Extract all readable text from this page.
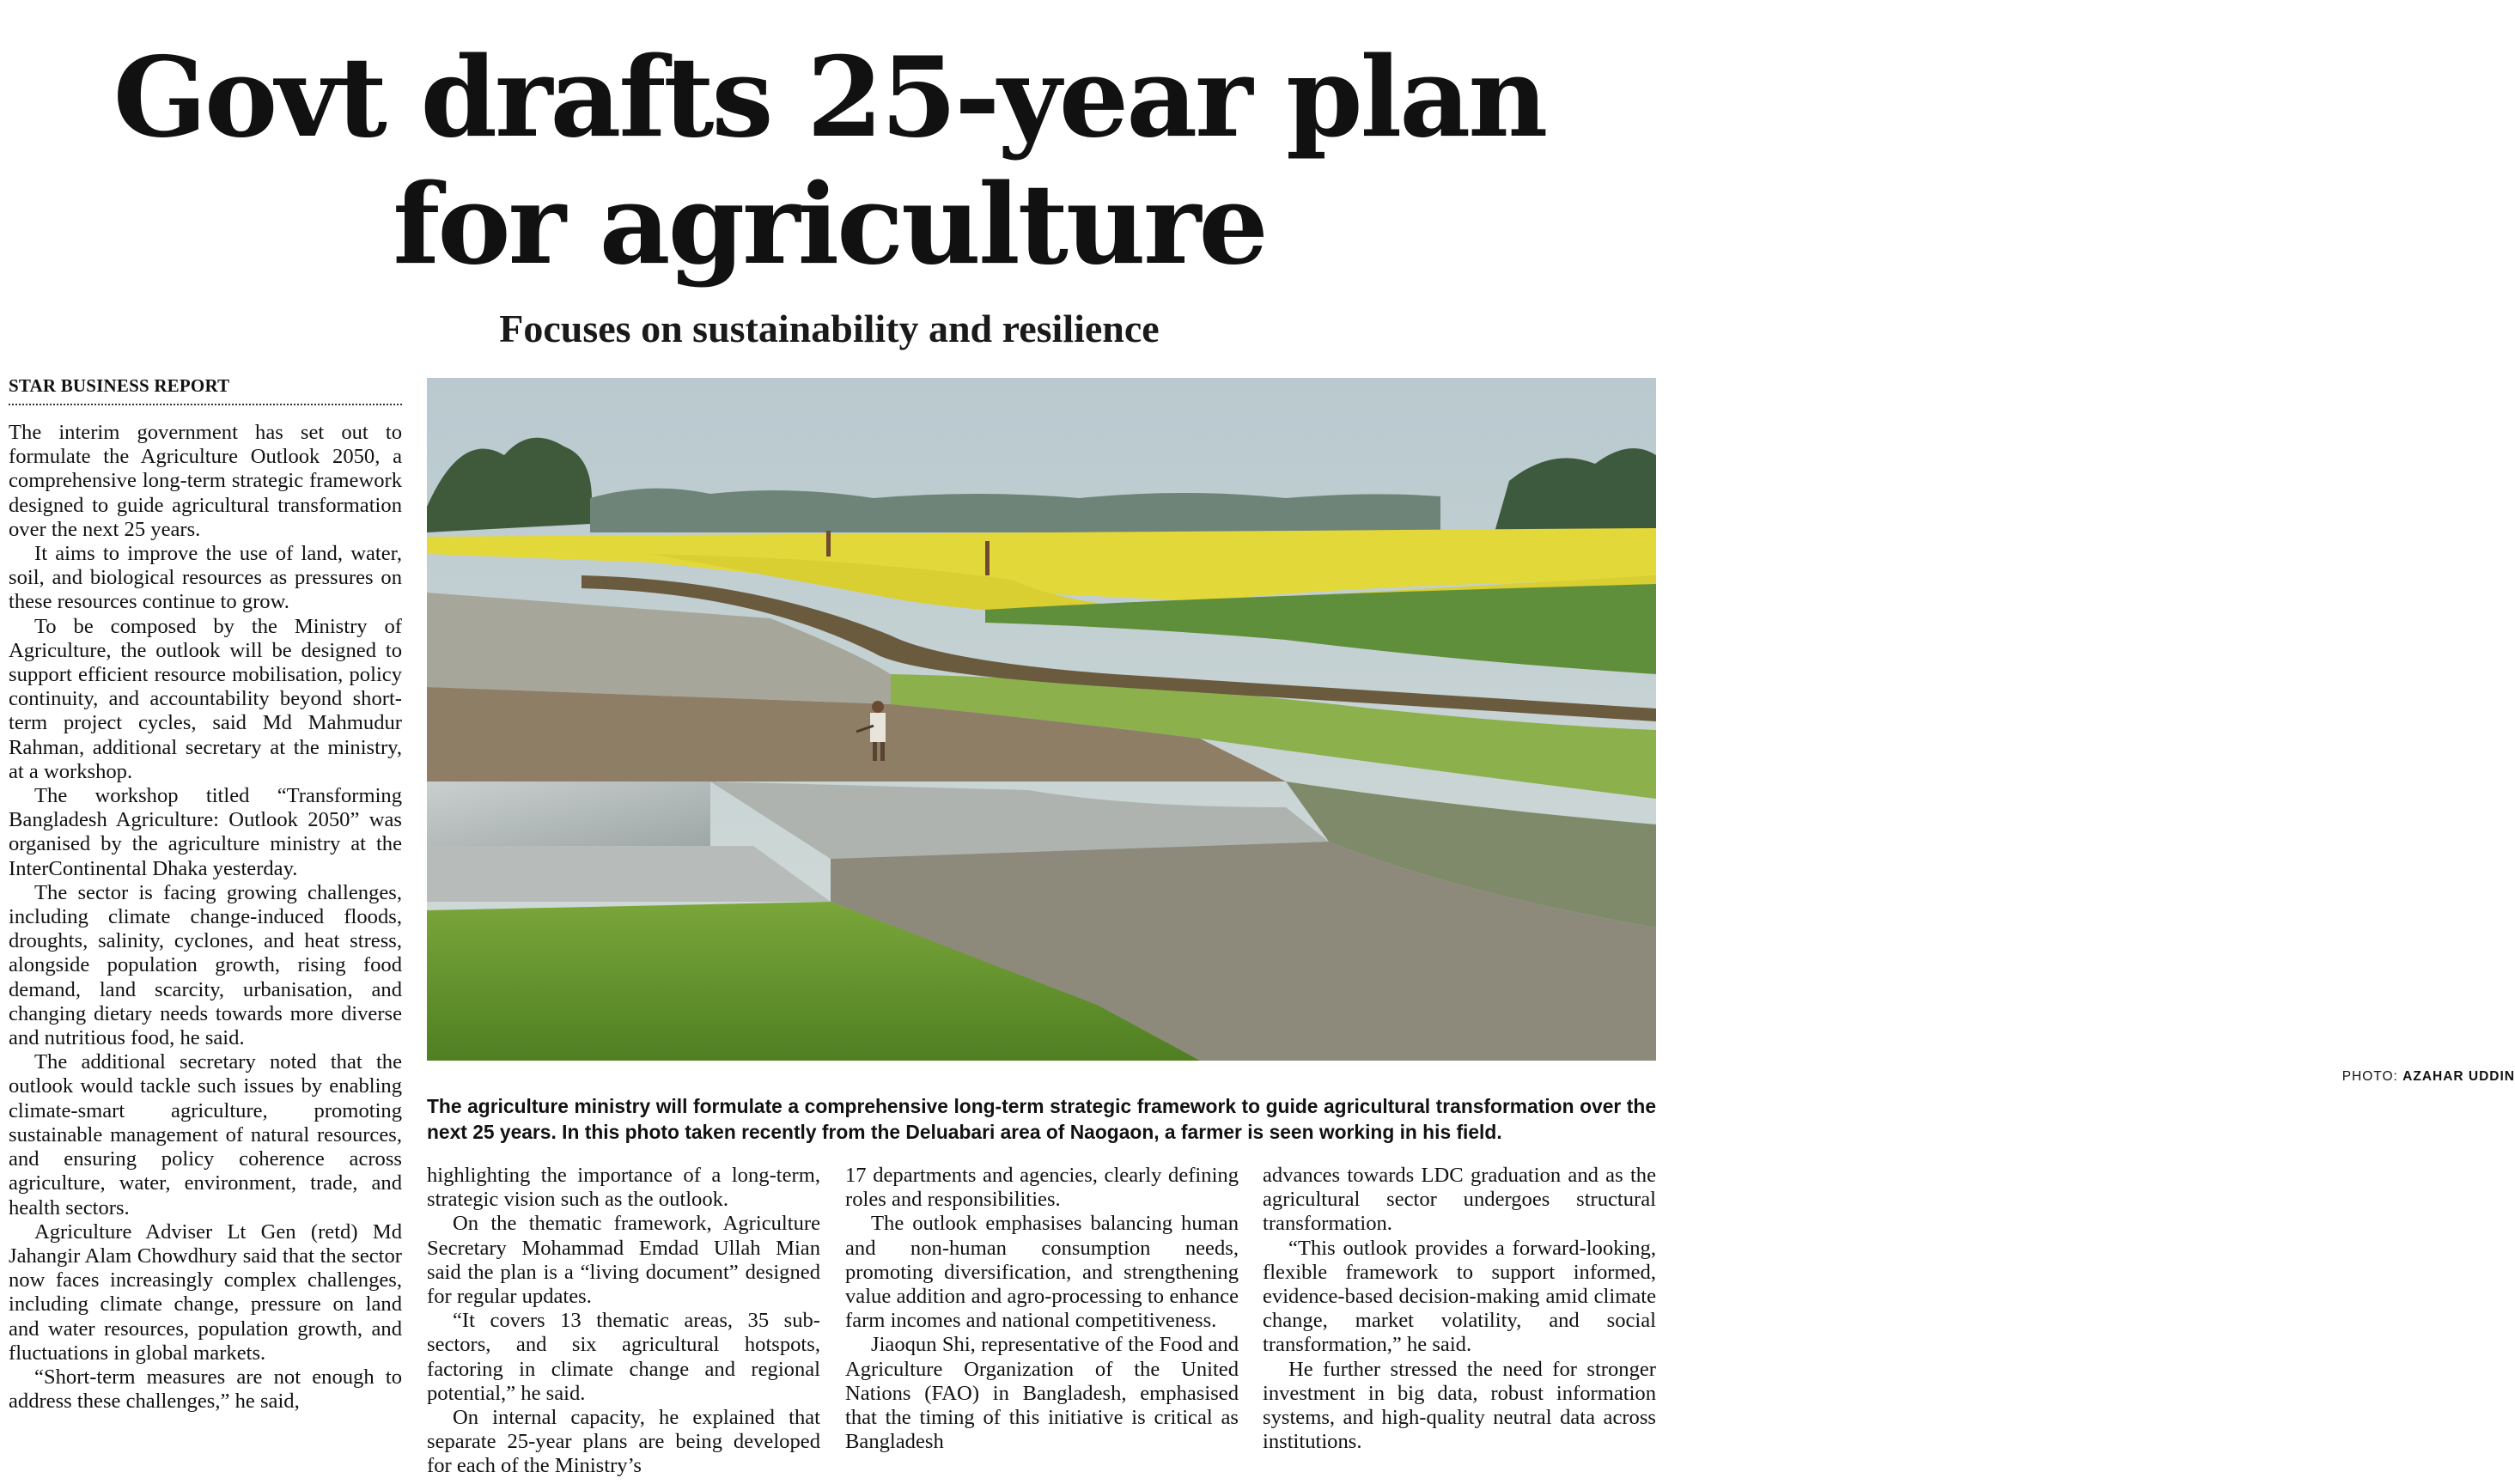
Govt drafts 25-year plan
for agriculture
Focuses on sustainability and resilience
STAR BUSINESS REPORT

The interim government has set out to formulate the Agriculture Outlook 2050, a comprehensive long-term strategic framework designed to guide agricultural transformation over the next 25 years.

It aims to improve the use of land, water, soil, and biological resources as pressures on these resources continue to grow.

To be composed by the Ministry of Agriculture, the outlook will be designed to support efficient resource mobilisation, policy continuity, and accountability beyond short-term project cycles, said Md Mahmudur Rahman, additional secretary at the ministry, at a workshop.

The workshop titled “Transforming Bangladesh Agriculture: Outlook 2050” was organised by the agriculture ministry at the InterContinental Dhaka yesterday.

The sector is facing growing challenges, including climate change-induced floods, droughts, salinity, cyclones, and heat stress, alongside population growth, rising food demand, land scarcity, urbanisation, and changing dietary needs towards more diverse and nutritious food, he said.

The additional secretary noted that the outlook would tackle such issues by enabling climate-smart agriculture, promoting sustainable management of natural resources, and ensuring policy coherence across agriculture, water, environment, trade, and health sectors.

Agriculture Adviser Lt Gen (retd) Md Jahangir Alam Chowdhury said that the sector now faces increasingly complex challenges, including climate change, pressure on land and water resources, population growth, and fluctuations in global markets.

“Short-term measures are not enough to address these challenges,” he said,

PHOTO: AZAHAR UDDIN
The agriculture ministry will formulate a comprehensive long-term strategic framework to guide agricultural transformation over the next 25 years. In this photo taken recently from the Deluabari area of Naogaon, a farmer is seen working in his field.

highlighting the importance of a long-term, strategic vision such as the outlook.

On the thematic framework, Agriculture Secretary Mohammad Emdad Ullah Mian said the plan is a “living document” designed for regular updates.

“It covers 13 thematic areas, 35 sub-sectors, and six agricultural hotspots, factoring in climate change and regional potential,” he said.

On internal capacity, he explained that separate 25-year plans are being developed for each of the Ministry’s

17 departments and agencies, clearly defining roles and responsibilities.

The outlook emphasises balancing human and non-human consumption needs, promoting diversification, and strengthening value addition and agro-processing to enhance farm incomes and national competitiveness.

Jiaoqun Shi, representative of the Food and Agriculture Organization of the United Nations (FAO) in Bangladesh, emphasised that the timing of this initiative is critical as Bangladesh

advances towards LDC graduation and as the agricultural sector undergoes structural transformation.

“This outlook provides a forward-looking, flexible framework to support informed, evidence-based decision-making amid climate change, market volatility, and social transformation,” he said.

He further stressed the need for stronger investment in big data, robust information systems, and high-quality neutral data across institutions.
